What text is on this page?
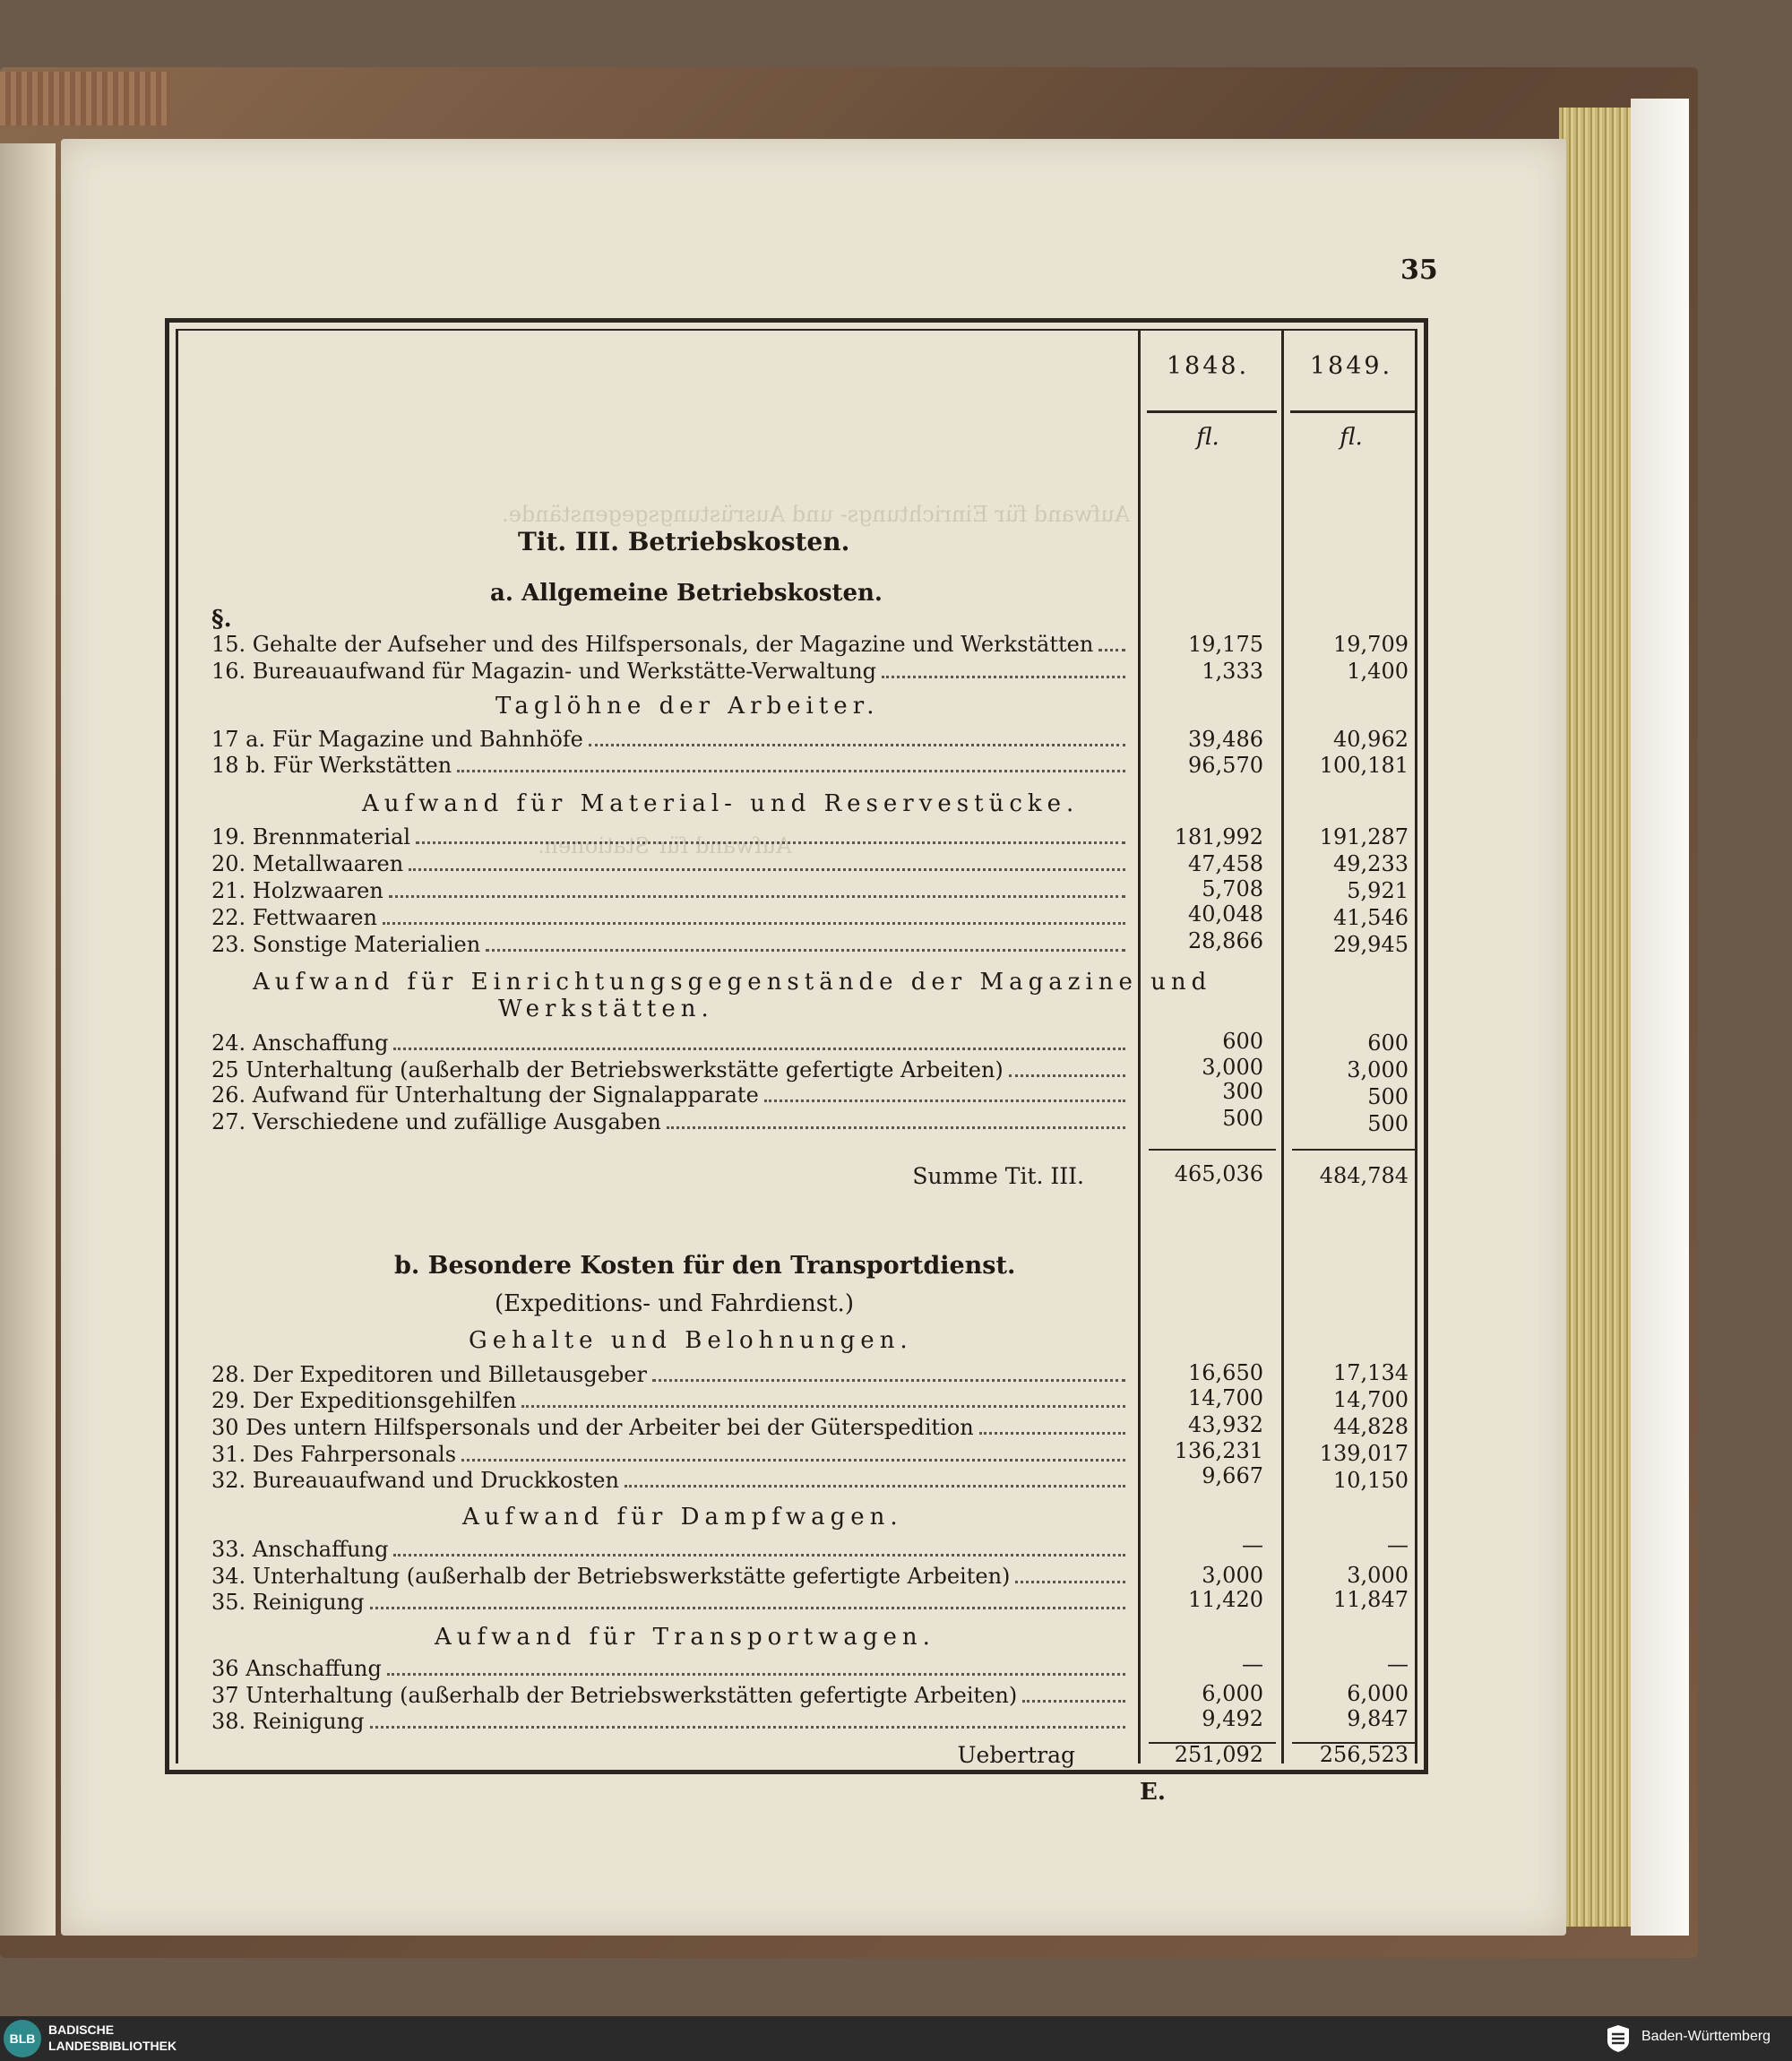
35
Aufwand für Einrichtungs- und Ausrüstungsgegenstände.
Aufwand für Stationen.
1848.	1849.
fl.	fl.
Tit. III. Betriebskosten.
a. Allgemeine Betriebskosten.
§.
Taglöhne der Arbeiter.
Aufwand für Material- und Reservestücke.
Aufwand für Einrichtungsgegenstände der Magazine und
Werkstätten.
b. Besondere Kosten für den Transportdienst.
(Expeditions- und Fahrdienst.)
Gehalte und Belohnungen.
Aufwand für Dampfwagen.
Aufwand für Transportwagen.
Summe Tit. III.	465,036	484,784
Uebertrag	251,092	256,523
E.
15. Gehalte der Aufseher und des Hilfspersonals, der Magazine und Werkstätten	19,175	19,709
16. Bureauaufwand für Magazin- und Werkstätte-Verwaltung	1,333	1,400
17 a. Für Magazine und Bahnhöfe	39,486	40,962
18 b. Für Werkstätten	96,570	100,181
19. Brennmaterial	181,992	191,287
20. Metallwaaren	47,458	49,233
21. Holzwaaren	5,708	5,921
22. Fettwaaren	40,048	41,546
23. Sonstige Materialien	28,866	29,945
24. Anschaffung	600	600
25 Unterhaltung (außerhalb der Betriebswerkstätte gefertigte Arbeiten)	3,000	3,000
26. Aufwand für Unterhaltung der Signalapparate	300	500
27. Verschiedene und zufällige Ausgaben	500	500
28. Der Expeditoren und Billetausgeber	16,650	17,134
29. Der Expeditionsgehilfen	14,700	14,700
30 Des untern Hilfspersonals und der Arbeiter bei der Güterspedition	43,932	44,828
31. Des Fahrpersonals	136,231	139,017
32. Bureauaufwand und Druckkosten	9,667	10,150
33. Anschaffung	—	—
34. Unterhaltung (außerhalb der Betriebswerkstätte gefertigte Arbeiten)	3,000	3,000
35. Reinigung	11,420	11,847
36 Anschaffung	—	—
37 Unterhaltung (außerhalb der Betriebswerkstätten gefertigte Arbeiten)	6,000	6,000
38. Reinigung	9,492	9,847
BLB
BADISCHE
LANDESBIBLIOTHEK
Baden-Württemberg
